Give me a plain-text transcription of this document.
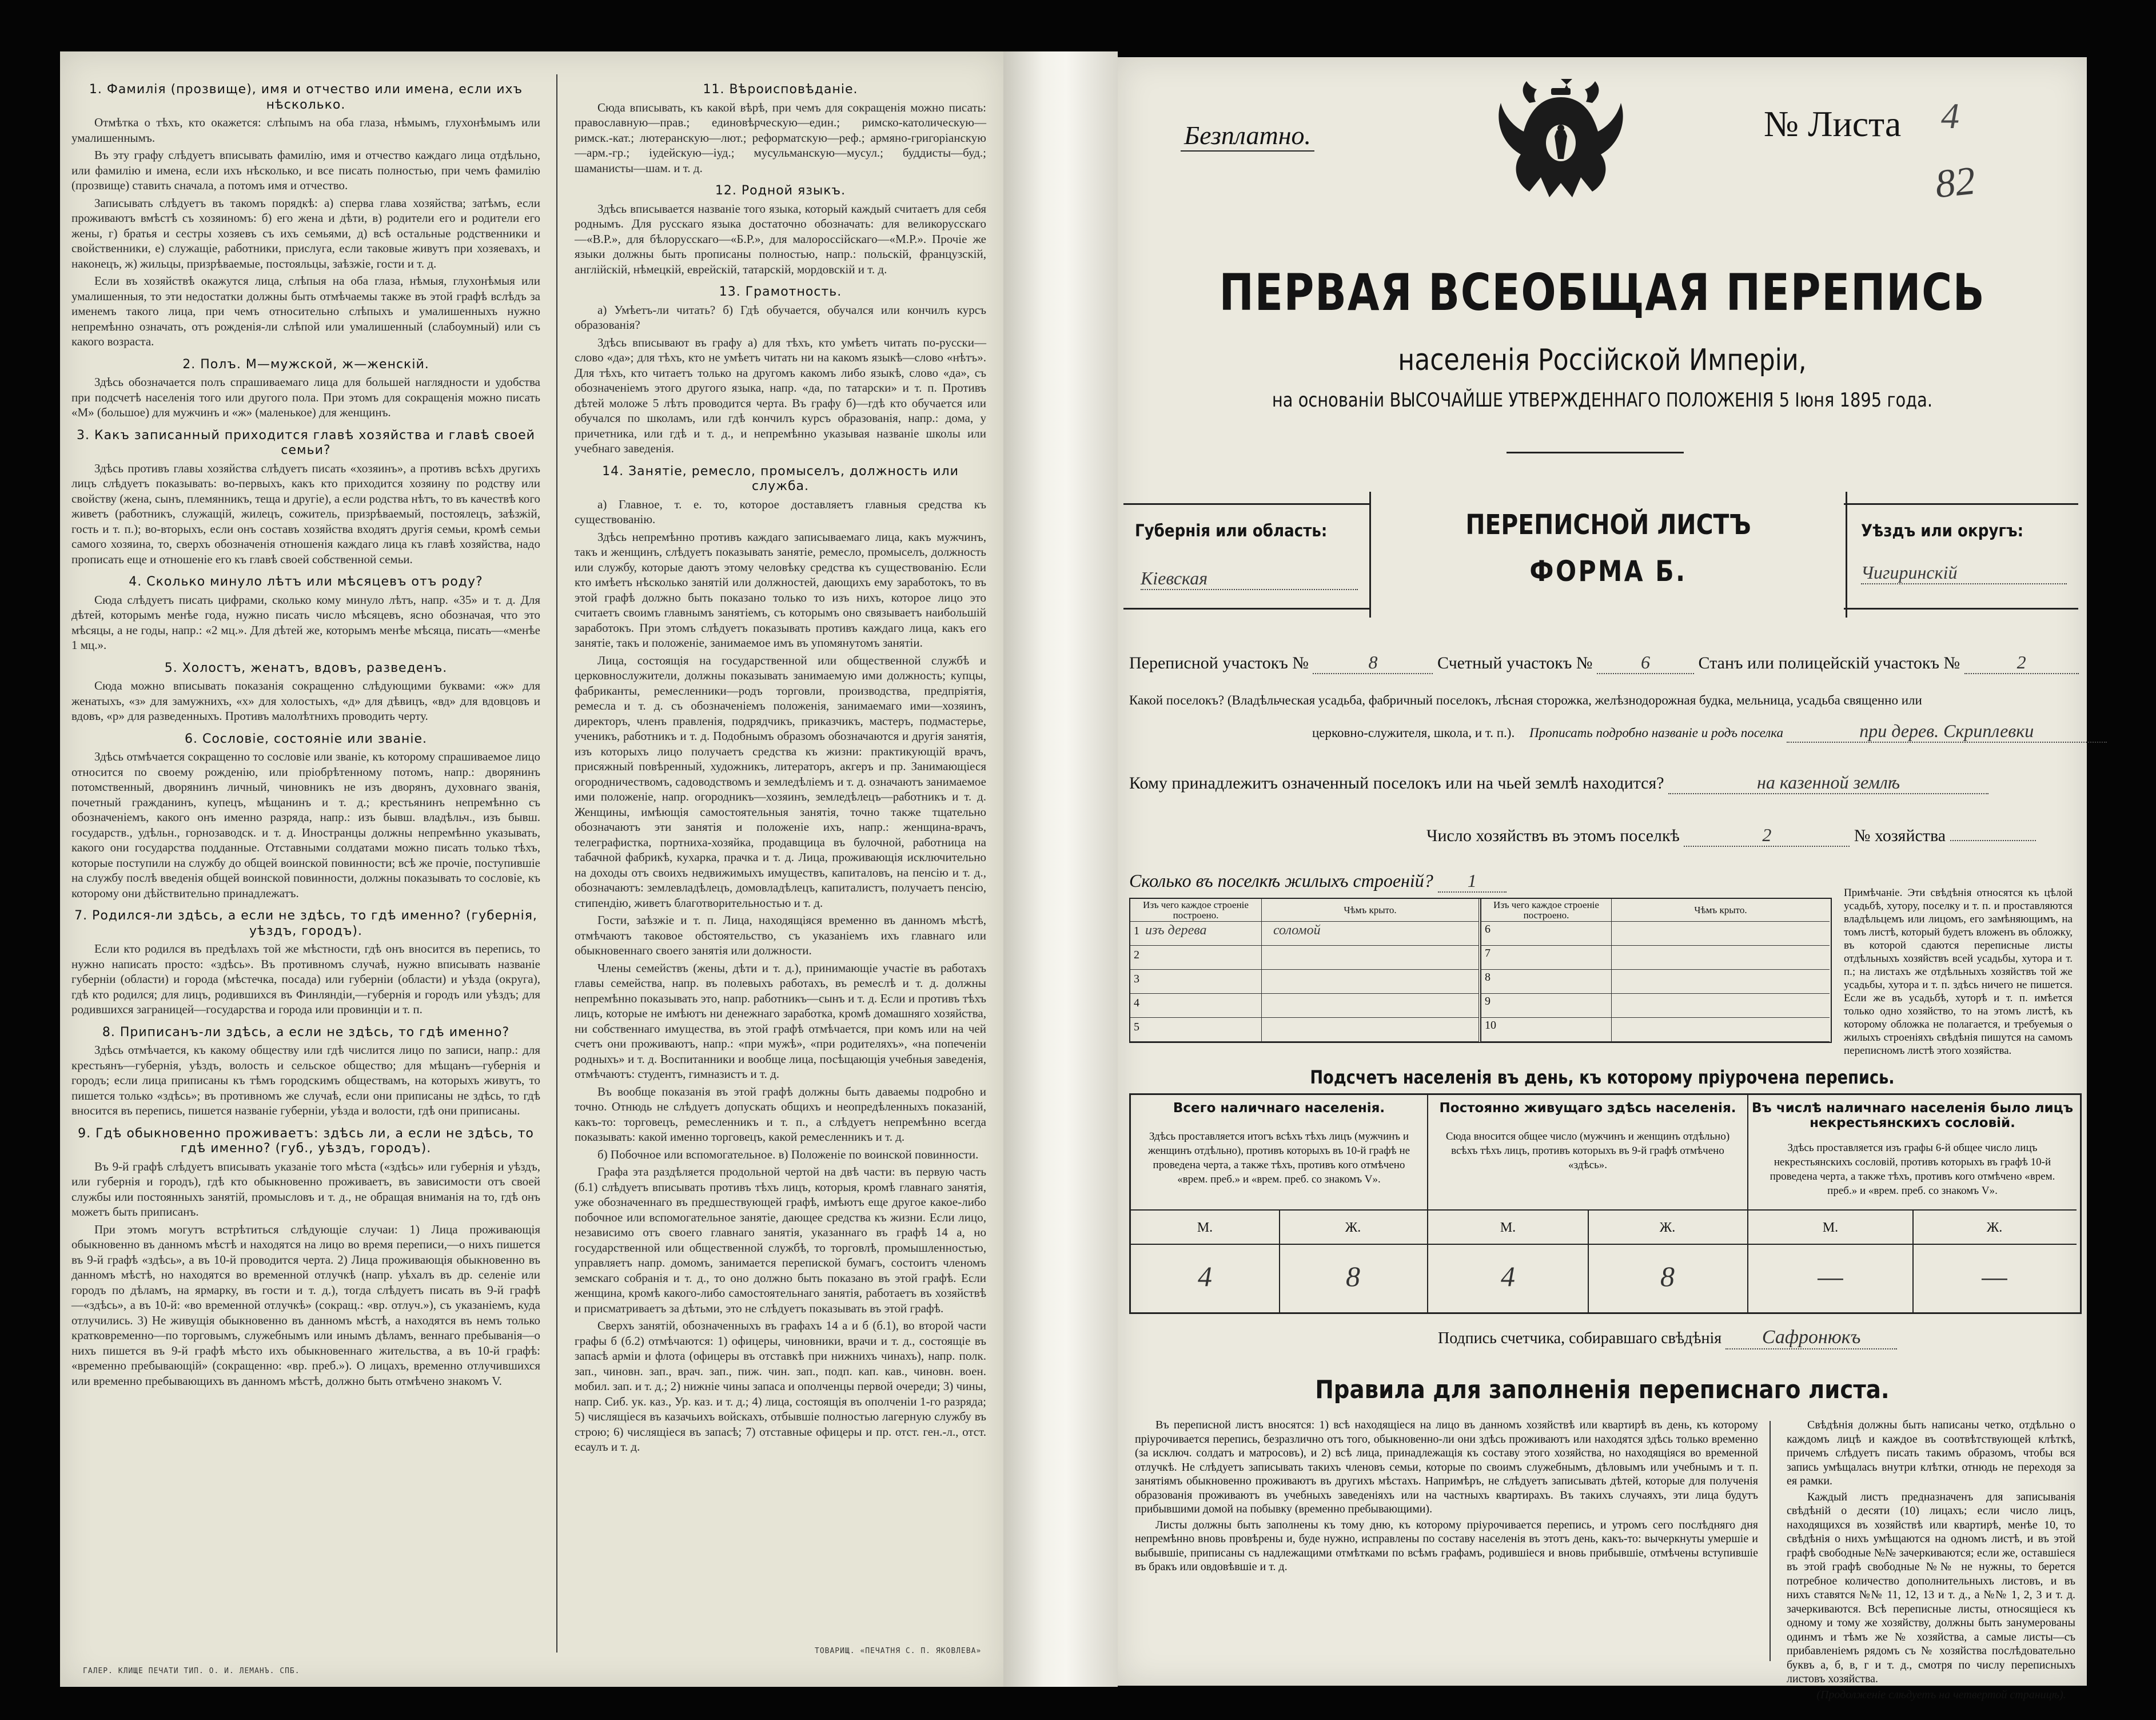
1. Фамилія (прозвище), имя и отчество или имена, если ихъ нѣсколько.

Отмѣтка о тѣхъ, кто окажется: слѣпымъ на оба глаза, нѣмымъ, глухонѣмымъ или умалишеннымъ.

Въ эту графу слѣдуетъ вписывать фамилію, имя и отчество каждаго лица отдѣльно, или фамилію и имена, если ихъ нѣсколько, и все писать полностью, при чемъ фамилію (прозвище) ставить сначала, а потомъ имя и отчество.

Записывать слѣдуетъ въ такомъ порядкѣ: а) сперва глава хозяйства; затѣмъ, если проживаютъ вмѣстѣ съ хозяиномъ: б) его жена и дѣти, в) родители его и родители его жены, г) братья и сестры хозяевъ съ ихъ семьями, д) всѣ остальные родственники и свойственники, е) служащіе, работники, прислуга, если таковые живутъ при хозяевахъ, и наконецъ, ж) жильцы, призрѣваемые, постояльцы, заѣзжіе, гости и т. д.

Если въ хозяйствѣ окажутся лица, слѣпыя на оба глаза, нѣмыя, глухонѣмыя или умалишенныя, то эти недостатки должны быть отмѣчаемы также въ этой графѣ вслѣдъ за именемъ такого лица, при чемъ относительно слѣпыхъ и умалишенныхъ нужно непремѣнно означать, отъ рожденія-ли слѣпой или умалишенный (слабоумный) или съ какого возраста.

2. Полъ. М—мужской, ж—женскій.

Здѣсь обозначается полъ спрашиваемаго лица для большей наглядности и удобства при подсчетѣ населенія того или другого пола. При этомъ для сокращенія можно писать «М» (большое) для мужчинъ и «ж» (маленькое) для женщинъ.

3. Какъ записанный приходится главѣ хозяйства и главѣ своей семьи?

Здѣсь противъ главы хозяйства слѣдуетъ писать «хозяинъ», а противъ всѣхъ другихъ лицъ слѣдуетъ показывать: во-первыхъ, какъ кто приходится хозяину по родству или свойству (жена, сынъ, племянникъ, теща и другіе), а если родства нѣтъ, то въ качествѣ кого живетъ (работникъ, служащій, жилецъ, сожитель, призрѣваемый, постоялецъ, заѣзжій, гость и т. п.); во-вторыхъ, если онъ составъ хозяйства входятъ другія семьи, кромѣ семьи самого хозяина, то, сверхъ обозначенія отношенія каждаго лица къ главѣ хозяйства, надо прописать еще и отношеніе его къ главѣ своей собственной семьи.

4. Сколько минуло лѣтъ или мѣсяцевъ отъ роду?

Сюда слѣдуетъ писать цифрами, сколько кому минуло лѣтъ, напр. «35» и т. д. Для дѣтей, которымъ менѣе года, нужно писать число мѣсяцевъ, ясно обозначая, что это мѣсяцы, а не годы, напр.: «2 мц.». Для дѣтей же, которымъ менѣе мѣсяца, писать—«менѣе 1 мц.».

5. Холостъ, женатъ, вдовъ, разведенъ.

Сюда можно вписывать показанія сокращенно слѣдующими буквами: «ж» для женатыхъ, «з» для замужнихъ, «х» для холостыхъ, «д» для дѣвицъ, «вд» для вдовцовъ и вдовъ, «р» для разведенныхъ. Противъ малолѣтнихъ проводить черту.

6. Сословіе, состояніе или званіе.

Здѣсь отмѣчается сокращенно то сословіе или званіе, къ которому спрашиваемое лицо относится по своему рожденію, или пріобрѣтенному потомъ, напр.: дворянинъ потомственный, дворянинъ личный, чиновникъ не изъ дворянъ, духовнаго званія, почетный гражданинъ, купецъ, мѣщанинъ и т. д.; крестьянинъ непремѣнно съ обозначеніемъ, какого онъ именно разряда, напр.: изъ бывш. владѣльч., изъ бывш. государств., удѣльн., горнозаводск. и т. д. Иностранцы должны непремѣнно указывать, какого они государства подданные. Отставными солдатами можно писать только тѣхъ, которые поступили на службу до общей воинской повинности; всѣ же прочіе, поступившіе на службу послѣ введенія общей воинской повинности, должны показывать то сословіе, къ которому они дѣйствительно принадлежатъ.

7. Родился-ли здѣсь, а если не здѣсь, то гдѣ именно? (губернія, уѣздъ, городъ).

Если кто родился въ предѣлахъ той же мѣстности, гдѣ онъ вносится въ перепись, то нужно написать просто: «здѣсь». Въ противномъ случаѣ, нужно вписывать названіе губерніи (области) и города (мѣстечка, посада) или губерніи (области) и уѣзда (округа), гдѣ кто родился; для лицъ, родившихся въ Финляндіи,—губернія и городъ или уѣздъ; для родившихся заграницей—государства и города или провинціи и т. п.

8. Приписанъ-ли здѣсь, а если не здѣсь, то гдѣ именно?

Здѣсь отмѣчается, къ какому обществу или гдѣ числится лицо по записи, напр.: для крестьянъ—губернія, уѣздъ, волость и сельское общество; для мѣщанъ—губернія и городъ; если лица приписаны къ тѣмъ городскимъ обществамъ, на которыхъ живутъ, то пишется только «здѣсь»; въ противномъ же случаѣ, если они приписаны не здѣсь, то гдѣ вносится въ перепись, пишется названіе губерніи, уѣзда и волости, гдѣ они приписаны.

9. Гдѣ обыкновенно проживаетъ: здѣсь ли, а если не здѣсь, то гдѣ именно? (губ., уѣздъ, городъ).

Въ 9-й графѣ слѣдуетъ вписывать указаніе того мѣста («здѣсь» или губернія и уѣздъ, или губернія и городъ), гдѣ кто обыкновенно проживаетъ, въ зависимости отъ своей службы или постоянныхъ занятій, промысловъ и т. д., не обращая вниманія на то, гдѣ онъ можетъ быть приписанъ.

При этомъ могутъ встрѣтиться слѣдующіе случаи: 1) Лица проживающія обыкновенно въ данномъ мѣстѣ и находятся на лицо во время переписи,—о нихъ пишется въ 9-й графѣ «здѣсь», а въ 10-й проводится черта. 2) Лица проживающія обыкновенно въ данномъ мѣстѣ, но находятся во временной отлучкѣ (напр. уѣхалъ въ др. селеніе или городъ по дѣламъ, на ярмарку, въ гости и т. д.), тогда слѣдуетъ писать въ 9-й графѣ—«здѣсь», а въ 10-й: «во временной отлучкѣ» (сокращ.: «вр. отлуч.»), съ указаніемъ, куда отлучились. 3) Не живущія обыкновенно въ данномъ мѣстѣ, а находятся въ немъ только кратковременно—по торговымъ, служебнымъ или инымъ дѣламъ, веннаго пребыванія—о нихъ пишется въ 9-й графѣ мѣсто ихъ обыкновеннаго жительства, а въ 10-й графѣ: «временно пребывающій» (сокращенно: «вр. преб.»). О лицахъ, временно отлучившихся или временно пребывающихъ въ данномъ мѣстѣ, должно быть отмѣчено знакомъ V.

11. Вѣроисповѣданіе.

Сюда вписывать, къ какой вѣрѣ, при чемъ для сокращенія можно писать: православную—прав.; единовѣрческую—един.; римско-католическую—римск.-кат.; лютеранскую—лют.; реформатскую—реф.; армяно-григоріанскую—арм.-гр.; іудейскую—іуд.; мусульманскую—мусул.; буддисты—буд.; шаманисты—шам. и т. д.

12. Родной языкъ.

Здѣсь вписывается названіе того языка, который каждый считаетъ для себя роднымъ. Для русскаго языка достаточно обозначать: для великорусскаго—«В.Р.», для бѣлорусскаго—«Б.Р.», для малороссійскаго—«М.Р.». Прочіе же языки должны быть прописаны полностью, напр.: польскій, французскій, англійскій, нѣмецкій, еврейскій, татарскій, мордовскій и т. д.

13. Грамотность.

а) Умѣетъ-ли читать? б) Гдѣ обучается, обучался или кончилъ курсъ образованія?

Здѣсь вписывают въ графу а) для тѣхъ, кто умѣетъ читать по-русски—слово «да»; для тѣхъ, кто не умѣетъ читать ни на какомъ языкѣ—слово «нѣтъ». Для тѣхъ, кто читаетъ только на другомъ какомъ либо языкѣ, слово «да», съ обозначеніемъ этого другого языка, напр. «да, по татарски» и т. п. Противъ дѣтей моложе 5 лѣтъ проводится черта. Въ графу б)—гдѣ кто обучается или обучался по школамъ, или гдѣ кончилъ курсъ образованія, напр.: дома, у причетника, или гдѣ и т. д., и непремѣнно указывая названіе школы или учебнаго заведенія.

14. Занятіе, ремесло, промыселъ, должность или служба.

а) Главное, т. е. то, которое доставляетъ главныя средства къ существованію.

Здѣсь непремѣнно противъ каждаго записываемаго лица, какъ мужчинъ, такъ и женщинъ, слѣдуетъ показывать занятіе, ремесло, промыселъ, должность или службу, которые даютъ этому человѣку средства къ существованію. Если кто имѣетъ нѣсколько занятій или должностей, дающихъ ему заработокъ, то въ этой графѣ должно быть показано только то изъ нихъ, которое лицо это считаетъ своимъ главнымъ занятіемъ, съ которымъ оно связываетъ наибольшій заработокъ. При этомъ слѣдуетъ показывать противъ каждаго лица, какъ его занятіе, такъ и положеніе, занимаемое имъ въ упомянутомъ занятіи.

Лица, состоящія на государственной или общественной службѣ и церковнослужители, должны показывать занимаемую ими должность; купцы, фабриканты, ремесленники—родъ торговли, производства, предпріятія, ремесла и т. д. съ обозначеніемъ положенія, занимаемаго ими—хозяинъ, директоръ, членъ правленія, подрядчикъ, приказчикъ, мастеръ, подмастерье, ученикъ, работникъ и т. д. Подобнымъ образомъ обозначаются и другія занятія, изъ которыхъ лицо получаетъ средства къ жизни: практикующій врачъ, присяжный повѣренный, художникъ, литераторъ, акгеръ и пр. Занимающіеся огородничествомъ, садоводствомъ и земледѣліемъ и т. д. означаютъ занимаемое ими положеніе, напр. огородникъ—хозяинъ, земледѣлецъ—работникъ и т. д. Женщины, имѣющія самостоятельныя занятія, точно также тщательно обозначаютъ эти занятія и положеніе ихъ, напр.: женщина-врачъ, телеграфистка, портниха-хозяйка, продавщица въ булочной, работница на табачной фабрикѣ, кухарка, прачка и т. д. Лица, проживающія исключительно на доходы отъ своихъ недвижимыхъ имуществъ, капиталовъ, на пенсію и т. д., обозначаютъ: землевладѣлецъ, домовладѣлецъ, капиталистъ, получаетъ пенсію, стипендію, живетъ благотворительностью и т. д.

Гости, заѣзжіе и т. п. Лица, находящіяся временно въ данномъ мѣстѣ, отмѣчаютъ таковое обстоятельство, съ указаніемъ ихъ главнаго или обыкновеннаго своего занятія или должности.

Члены семействъ (жены, дѣти и т. д.), принимающіе участіе въ работахъ главы семейства, напр. въ полевыхъ работахъ, въ ремеслѣ и т. д. должны непремѣнно показывать это, напр. работникъ—сынъ и т. д. Если и противъ тѣхъ лицъ, которые не имѣютъ ни денежнаго заработка, кромѣ домашняго хозяйства, ни собственнаго имущества, въ этой графѣ отмѣчается, при комъ или на чей счетъ они проживаютъ, напр.: «при мужѣ», «при родителяхъ», «на попеченіи родныхъ» и т. д. Воспитанники и вообще лица, посѣщающія учебныя заведенія, отмѣчаютъ: студентъ, гимназистъ и т. д.

Въ вообще показанія въ этой графѣ должны быть даваемы подробно и точно. Отнюдь не слѣдуетъ допускать общихъ и неопредѣленныхъ показаній, какъ-то: торговецъ, ремесленникъ и т. п., а слѣдуетъ непремѣнно всегда показывать: какой именно торговецъ, какой ремесленникъ и т. д.

б) Побочное или вспомогательное. в) Положеніе по воинской повинности.

Графа эта раздѣляется продольной чертой на двѣ части: въ первую часть (б.1) слѣдуетъ вписывать противъ тѣхъ лицъ, которыя, кромѣ главнаго занятія, уже обозначеннаго въ предшествующей графѣ, имѣютъ еще другое какое-либо побочное или вспомогательное занятіе, дающее средства къ жизни. Если лицо, независимо отъ своего главнаго занятія, указаннаго въ графѣ 14 а, но государственной или общественной службѣ, то торговлѣ, промышленностью, управляетъ напр. домомъ, занимается перепиской бумагъ, состоитъ членомъ земскаго собранія и т. д., то оно должно быть показано въ этой графѣ. Если женщина, кромѣ какого-либо самостоятельнаго занятія, работаетъ въ хозяйствѣ и присматриваетъ за дѣтьми, это не слѣдуетъ показывать въ этой графѣ.

Сверхъ занятій, обозначенныхъ въ графахъ 14 а и б (б.1), во второй части графы б (б.2) отмѣчаются: 1) офицеры, чиновники, врачи и т. д., состоящіе въ запасѣ арміи и флота (офицеры въ отставкѣ при нижнихъ чинахъ), напр. полк. зап., чиновн. зап., врач. зап., пиж. чин. зап., подп. кап. кав., чиновн. воен. мобил. зап. и т. д.; 2) нижніе чины запаса и ополченцы первой очереди; 3) чины, напр. Сиб. ук. каз., Ур. каз. и т. д.; 4) лица, состоящія въ ополченіи 1-го разряда; 5) числящіеся въ казачьихъ войскахъ, отбывшіе полностью лагерную службу въ строю; 6) числящіеся въ запасѣ; 7) отставные офицеры и пр. отст. ген.-л., отст. есаулъ и т. д.

ГАЛЕР. КЛИЩЕ ПЕЧАТИ ТИП. О. И. ЛЕМАНЪ. СПБ.
ТОВАРИЩ. «ПЕЧАТНЯ С. П. ЯКОВЛЕВА»
Безплатно.	№ Листа 4
82
ПЕРВАЯ ВСЕОБЩАЯ ПЕРЕПИСЬ
населенія Россійской Имперіи,
на основаніи ВЫСОЧАЙШЕ УТВЕРЖДЕННАГО ПОЛОЖЕНІЯ 5 Іюня 1895 года.
Губернія или область:
Кіевская
ПЕРЕПИСНОЙ ЛИСТЪ
ФОРМА Б.
Уѣздъ или округъ:
Чигиринскій
Переписной участокъ №	8	Счетный участокъ №	6	Станъ или полицейскій участокъ №	2
Какой поселокъ? (Владѣльческая усадьба, фабричный поселокъ, лѣсная сторожка, желѣзнодорожная будка, мельница, усадьба священно или
церковно-служителя, школа, и т. п.). Прописать подробно названіе и родъ поселка	при дерев. Скриплевки
Кому принадлежитъ означенный поселокъ или на чьей землѣ находится?	на казенной землѣ
Число хозяйствъ въ этомъ поселкѣ	2	№ хозяйства
Сколько въ поселкѣ жилыхъ строеній? 1
Изъ чего каждое строеніе построено.	Чѣмъ крыто.
1 изъ дерева	соломой
2
3
4
5
Изъ чего каждое строеніе построено.	Чѣмъ крыто.
6
7
8
9
10
Примѣчаніе. Эти свѣдѣнія относятся къ цѣлой усадьбѣ, хутору, поселку и т. п. и проставляются владѣльцемъ или лицомъ, его замѣняющимъ, на томъ листѣ, который будетъ вложенъ въ обложку, въ которой сдаются переписные листы отдѣльныхъ хозяйствъ всей усадьбы, хутора и т. п.; на листахъ же отдѣльныхъ хозяйствъ той же усадьбы, хутора и т. п. здѣсь ничего не пишется. Если же въ усадьбѣ, хуторѣ и т. п. имѣется только одно хозяйство, то на этомъ листѣ, къ которому обложка не полагается, и требуемыя о жилыхъ строеніяхъ свѣдѣнія пишутся на самомъ переписномъ листѣ этого хозяйства.
Подсчетъ населенія въ день, къ которому пріурочена перепись.
Всего наличнаго населенія.
Здѣсь проставляется итогъ всѣхъ тѣхъ лицъ (мужчинъ и женщинъ отдѣльно), противъ которыхъ въ 10-й графѣ не проведена черта, а также тѣхъ, противъ кого отмѣчено «врем. преб.» и «врем. преб. со знакомъ V».
М.	Ж.
4	8
Постоянно живущаго здѣсь населенія.
Сюда вносится общее число (мужчинъ и женщинъ отдѣльно) всѣхъ тѣхъ лицъ, противъ которыхъ въ 9-й графѣ отмѣчено «здѣсь».
М.	Ж.
4	8
Въ числѣ наличнаго населенія было лицъ некрестьянскихъ сословій.
Здѣсь проставляется изъ графы 6-й общее число лицъ некрестьянскихъ сословій, противъ которыхъ въ графѣ 10-й проведена черта, а также тѣхъ, противъ кого отмѣчено «врем. преб.» и «врем. преб. со знакомъ V».
М.	Ж.
—	—
Подпись счетчика, собиравшаго свѣдѣнія Сафронюкъ
Правила для заполненія переписнаго листа.

Въ переписной листъ вносятся: 1) всѣ находящіеся на лицо въ данномъ хозяйствѣ или квартирѣ въ день, къ которому пріурочивается перепись, безразлично отъ того, обыкновенно-ли они здѣсь проживаютъ или находятся здѣсь только временно (за исключ. солдатъ и матросовъ), и 2) всѣ лица, принадлежащія къ составу этого хозяйства, но находящіяся во временной отлучкѣ. Не слѣдуетъ записывать такихъ членовъ семьи, которые по своимъ служебнымъ, дѣловымъ или учебнымъ и т. п. занятіямъ обыкновенно проживаютъ въ другихъ мѣстахъ. Напримѣръ, не слѣдуетъ записывать дѣтей, которые для полученія образованія проживаютъ въ учебныхъ заведеніяхъ или на частныхъ квартирахъ. Въ такихъ случаяхъ, эти лица будутъ прибывшими домой на побывку (временно пребывающими).

Листы должны быть заполнены къ тому дню, къ которому пріурочивается перепись, и утромъ сего послѣдняго дня непремѣнно вновь провѣрены и, буде нужно, исправлены по составу населенія въ этотъ день, какъ-то: вычеркнуты умершіе и выбывшіе, приписаны съ надлежащими отмѣтками по всѣмъ графамъ, родившіеся и вновь прибывшіе, отмѣчены вступившіе въ бракъ или овдовѣвшіе и т. д.

Свѣдѣнія должны быть написаны четко, отдѣльно о каждомъ лицѣ и каждое въ соотвѣтствующей клѣткѣ, причемъ слѣдуетъ писать такимъ образомъ, чтобы вся запись умѣщалась внутри клѣтки, отнюдь не переходя за ея рамки.

Каждый листъ предназначенъ для записыванія свѣдѣній о десяти (10) лицахъ; если число лицъ, находящихся въ хозяйствѣ или квартирѣ, менѣе 10, то свѣдѣнія о нихъ умѣщаются на одномъ листѣ, и въ этой графѣ свободные №№ зачеркиваются; если же, оставшіеся въ этой графѣ свободные №№ не нужны, то берется потребное количество дополнительныхъ листовъ, и въ нихъ ставятся №№ 11, 12, 13 и т. д., а №№ 1, 2, 3 и т. д. зачеркиваются. Всѣ переписные листы, относящіеся къ одному и тому же хозяйству, должны быть занумерованы одинмъ и тѣмъ же № хозяйства, а самые листы—съ прибавленіемъ рядомъ съ № хозяйства послѣдовательно буквъ а, б, в, г и т. д., смотря по числу переписныхъ листовъ хозяйства.

(Продолженіе слѣдуетъ на четвертой страницѣ).
